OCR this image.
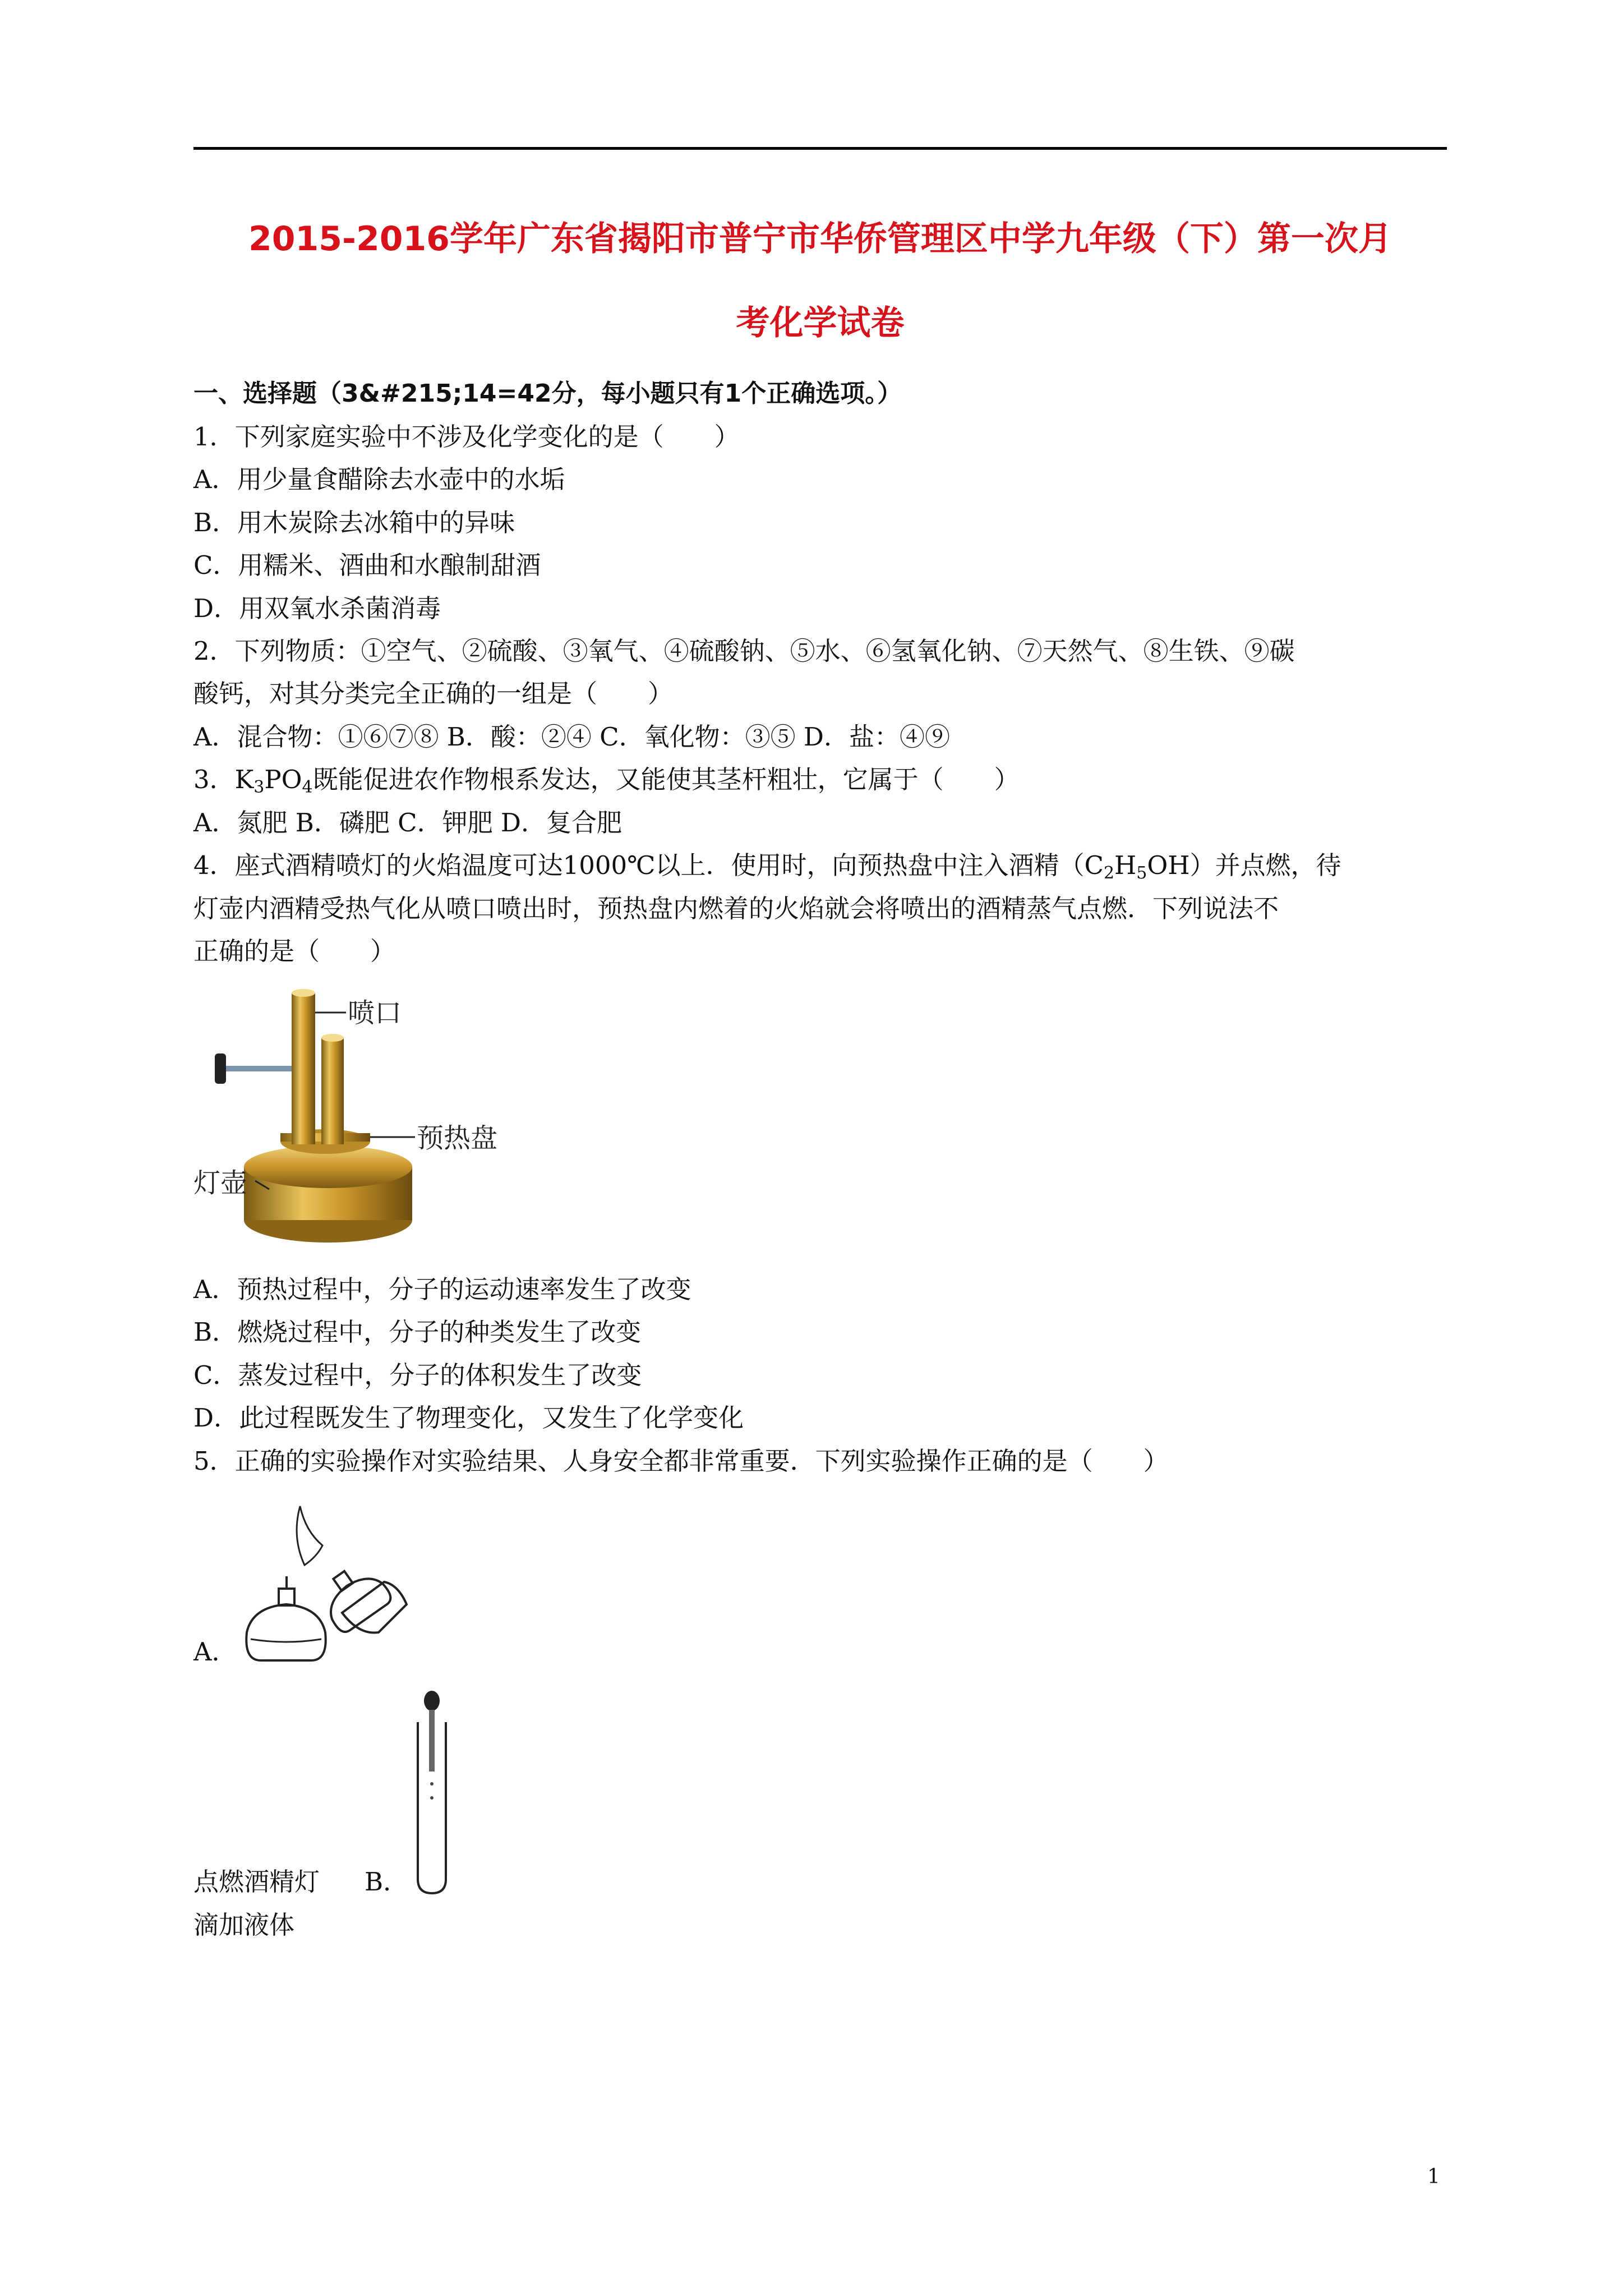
2015-2016学年广东省揭阳市普宁市华侨管理区中学九年级（下）第一次月
考化学试卷
一、选择题（3&#215;14=42分，每小题只有1个正确选项。）
1．下列家庭实验中不涉及化学变化的是（　　）
A．用少量食醋除去水壶中的水垢
B．用木炭除去冰箱中的异味
C．用糯米、酒曲和水酿制甜酒
D．用双氧水杀菌消毒
2．下列物质：①空气、②硫酸、③氧气、④硫酸钠、⑤水、⑥氢氧化钠、⑦天然气、⑧生铁、⑨碳
酸钙，对其分类完全正确的一组是（　　）
A．混合物：①⑥⑦⑧ B．酸：②④ C．氧化物：③⑤ D．盐：④⑨
3．$K_3PO_4$既能促进农作物根系发达，又能使其茎杆粗壮，它属于（　　）
A．氮肥 B．磷肥 C．钾肥 D．复合肥
4．座式酒精喷灯的火焰温度可达1000℃以上．使用时，向预热盘中注入酒精$(C_2H_5OH)$并点燃，待
灯壶内酒精受热气化从喷口喷出时，预热盘内燃着的火焰就会将喷出的酒精蒸气点燃．下列说法不
正确的是（　　）
喷口
预热盘
灯壶
A．预热过程中，分子的运动速率发生了改变
B．燃烧过程中，分子的种类发生了改变
C．蒸发过程中，分子的体积发生了改变
D．此过程既发生了物理变化，又发生了化学变化
5．正确的实验操作对实验结果、人身安全都非常重要．下列实验操作正确的是（　　）
A．
点燃酒精灯 B．
滴加液体
1
